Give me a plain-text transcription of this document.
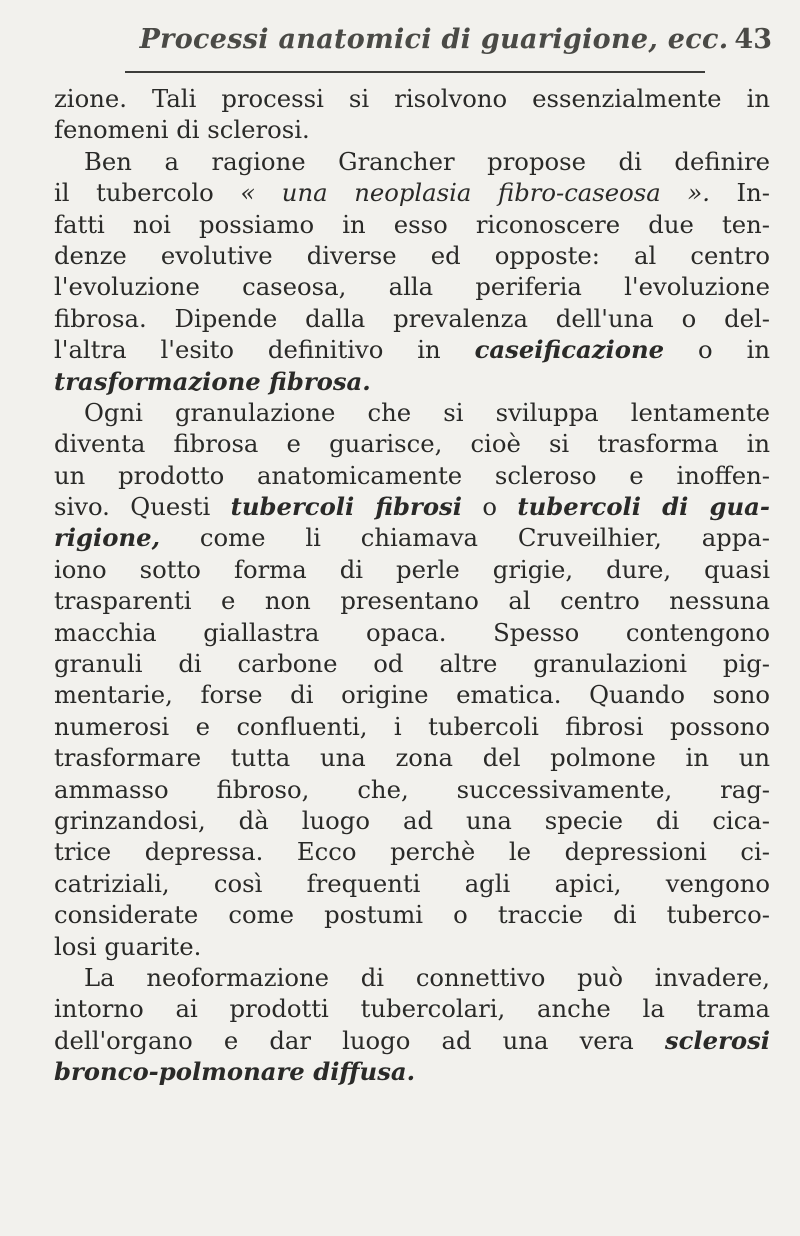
Processi anatomici di guarigione, ecc. 43
zione. Tali processi si risolvono essenzialmente in
fenomeni di sclerosi.
Ben a ragione Grancher propose di definire
il tubercolo « una neoplasia fibro-caseosa ». In-
fatti noi possiamo in esso riconoscere due ten-
denze evolutive diverse ed opposte: al centro
l'evoluzione caseosa, alla periferia l'evoluzione
fibrosa. Dipende dalla prevalenza dell'una o del-
l'altra l'esito definitivo in caseificazione o in
trasformazione fibrosa.
Ogni granulazione che si sviluppa lentamente
diventa fibrosa e guarisce, cioè si trasforma in
un prodotto anatomicamente scleroso e inoffen-
sivo. Questi tubercoli fibrosi o tubercoli di gua-
rigione, come li chiamava Cruveilhier, appa-
iono sotto forma di perle grigie, dure, quasi
trasparenti e non presentano al centro nessuna
macchia giallastra opaca. Spesso contengono
granuli di carbone od altre granulazioni pig-
mentarie, forse di origine ematica. Quando sono
numerosi e confluenti, i tubercoli fibrosi possono
trasformare tutta una zona del polmone in un
ammasso fibroso, che, successivamente, rag-
grinzandosi, dà luogo ad una specie di cica-
trice depressa. Ecco perchè le depressioni ci-
catriziali, così frequenti agli apici, vengono
considerate come postumi o traccie di tuberco-
losi guarite.
La neoformazione di connettivo può invadere,
intorno ai prodotti tubercolari, anche la trama
dell'organo e dar luogo ad una vera sclerosi
bronco-polmonare diffusa.
